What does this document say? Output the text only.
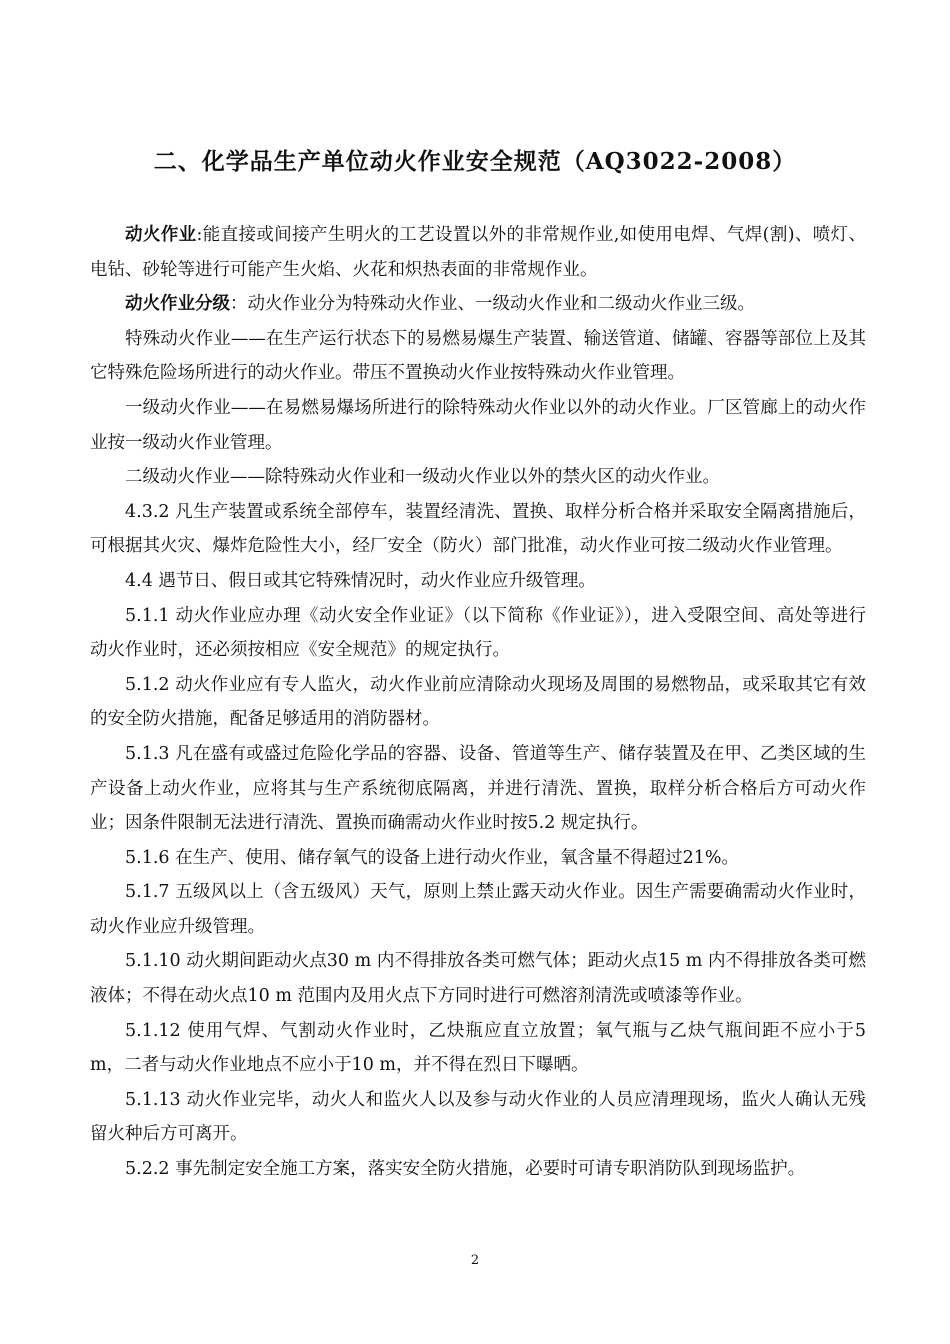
二、化学品生产单位动火作业安全规范（AQ3022-2008）

动火作业:能直接或间接产生明火的工艺设置以外的非常规作业,如使用电焊、气焊(割)、喷灯、电钻、砂轮等进行可能产生火焰、火花和炽热表面的非常规作业。

动火作业分级：动火作业分为特殊动火作业、一级动火作业和二级动火作业三级。

特殊动火作业——在生产运行状态下的易燃易爆生产装置、输送管道、储罐、容器等部位上及其它特殊危险场所进行的动火作业。带压不置换动火作业按特殊动火作业管理。

一级动火作业——在易燃易爆场所进行的除特殊动火作业以外的动火作业。厂区管廊上的动火作业按一级动火作业管理。

二级动火作业——除特殊动火作业和一级动火作业以外的禁火区的动火作业。

4.3.2 凡生产装置或系统全部停车，装置经清洗、置换、取样分析合格并采取安全隔离措施后，可根据其火灾、爆炸危险性大小，经厂安全（防火）部门批准，动火作业可按二级动火作业管理。

4.4 遇节日、假日或其它特殊情况时，动火作业应升级管理。

5.1.1 动火作业应办理《动火安全作业证》（以下简称《作业证》），进入受限空间、高处等进行动火作业时，还必须按相应《安全规范》的规定执行。

5.1.2 动火作业应有专人监火，动火作业前应清除动火现场及周围的易燃物品，或采取其它有效的安全防火措施，配备足够适用的消防器材。

5.1.3 凡在盛有或盛过危险化学品的容器、设备、管道等生产、储存装置及在甲、乙类区域的生产设备上动火作业，应将其与生产系统彻底隔离，并进行清洗、置换，取样分析合格后方可动火作业；因条件限制无法进行清洗、置换而确需动火作业时按5.2 规定执行。

5.1.6 在生产、使用、储存氧气的设备上进行动火作业，氧含量不得超过21%。

5.1.7 五级风以上（含五级风）天气，原则上禁止露天动火作业。因生产需要确需动火作业时，动火作业应升级管理。

5.1.10 动火期间距动火点30 m 内不得排放各类可燃气体；距动火点15 m 内不得排放各类可燃液体；不得在动火点10 m 范围内及用火点下方同时进行可燃溶剂清洗或喷漆等作业。

5.1.12 使用气焊、气割动火作业时，乙炔瓶应直立放置；氧气瓶与乙炔气瓶间距不应小于5 m，二者与动火作业地点不应小于10 m，并不得在烈日下曝晒。

5.1.13 动火作业完毕，动火人和监火人以及参与动火作业的人员应清理现场，监火人确认无残留火种后方可离开。

5.2.2 事先制定安全施工方案，落实安全防火措施，必要时可请专职消防队到现场监护。

2
